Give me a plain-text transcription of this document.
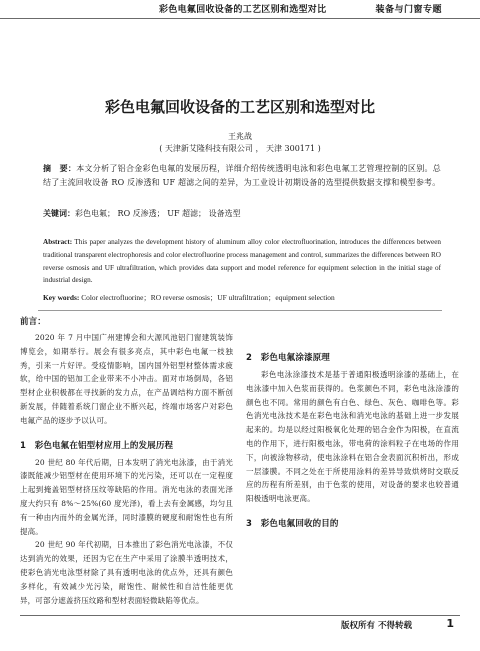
彩色电氟回收设备的工艺区别和选型对比	装备与门窗专题
彩色电氟回收设备的工艺区别和选型对比
王兆战
( 天津新艾隆科技有限公司 ， 天津 300171 )
摘　要：本文分析了铝合金彩色电氟的发展历程，详细介绍传统透明电泳和彩色电氟工艺管理控制的区别。总结了主流回收设备 RO 反渗透和 UF 超滤之间的差异，为工业设计初期设备的选型提供数据支撑和模型参考。
关键词：彩色电氟； RO 反渗透； UF 超滤； 设备选型
Abstract: This paper analyzes the development history of aluminum alloy color electrofluorination, introduces the differences between traditional transparent electrophoresis and color electrofluorine process management and control, summarizes the differences between RO reverse osmosis and UF ultrafiltration, which provides data support and model reference for equipment selection in the initial stage of industrial design.
Key words: Color electrofluorine；RO reverse osmosis；UF ultrafiltration；equipment selection
前言：

2020 年 7 月中国广州建博会和大源风池铝门窗建筑装饰博览会，如期举行。展会有很多亮点，其中彩色电氟一枝独秀，引来一片好评。受疫情影响，国内国外铝型材整体需求疲软，给中国的铝加工企业带来不小冲击。面对市场倒局，各铝型材企业积极都在寻找新的发力点，在产品调结构方面不断创新发展，伴随着系统门窗企业不断兴起，终端市场客户对彩色电氟产品的逐步予以认可。

1　彩色电氟在铝型材应用上的发展历程

20 世纪 80 年代后期，日本发明了消光电泳漆，由于消光漆既能减少铝型材在使用环境下的光污染，还可以在一定程度上起到掩盖铝型材挤压纹等缺陷的作用。消光电泳的表面光泽度大约只有 8%～25%(60 度光泽)，看上去有金属感，均匀且有一种由内而外的金属光泽，同时漆膜的硬度和耐饱性也有所提高。

20 世纪 90 年代初期，日本推出了彩色消光电泳漆，不仅达到消光的效果，还因为它在生产中采用了涂膜半透明技术，使彩色消光电泳型材除了具有透明电泳的优点外，还具有颜色多样化，有效减少光污染，耐饱性、耐候性和自洁性能更优异，可部分遮盖挤压纹路和型材表面轻微缺陷等优点。

2　彩色电氟涂漆原理

彩色电泳涂漆技术是基于普通阳极透明涂漆的基础上，在电泳漆中加入色浆而获得的。色浆颜色不同，彩色电泳涂漆的颜色也不同。常用的颜色有白色、绿色、灰色、咖啡色等。彩色消光电泳技术是在彩色电泳和消光电泳的基础上进一步发展起来的。均是以经过阳极氧化处理的铝合金作为阳极，在直流电的作用下，进行阳极电泳，带电荷的涂料粒子在电场的作用下，向被涂物移动，使电泳涂料在铝合金表面沉积析出，形成一层漆膜。不同之处在于所使用涂料的差异导致烘烤时交联反应的历程有所差别，由于色浆的使用，对设备的要求也较普通阳极透明电泳更高。

3　彩色电氟回收的目的
版权所有 不得转载	1
